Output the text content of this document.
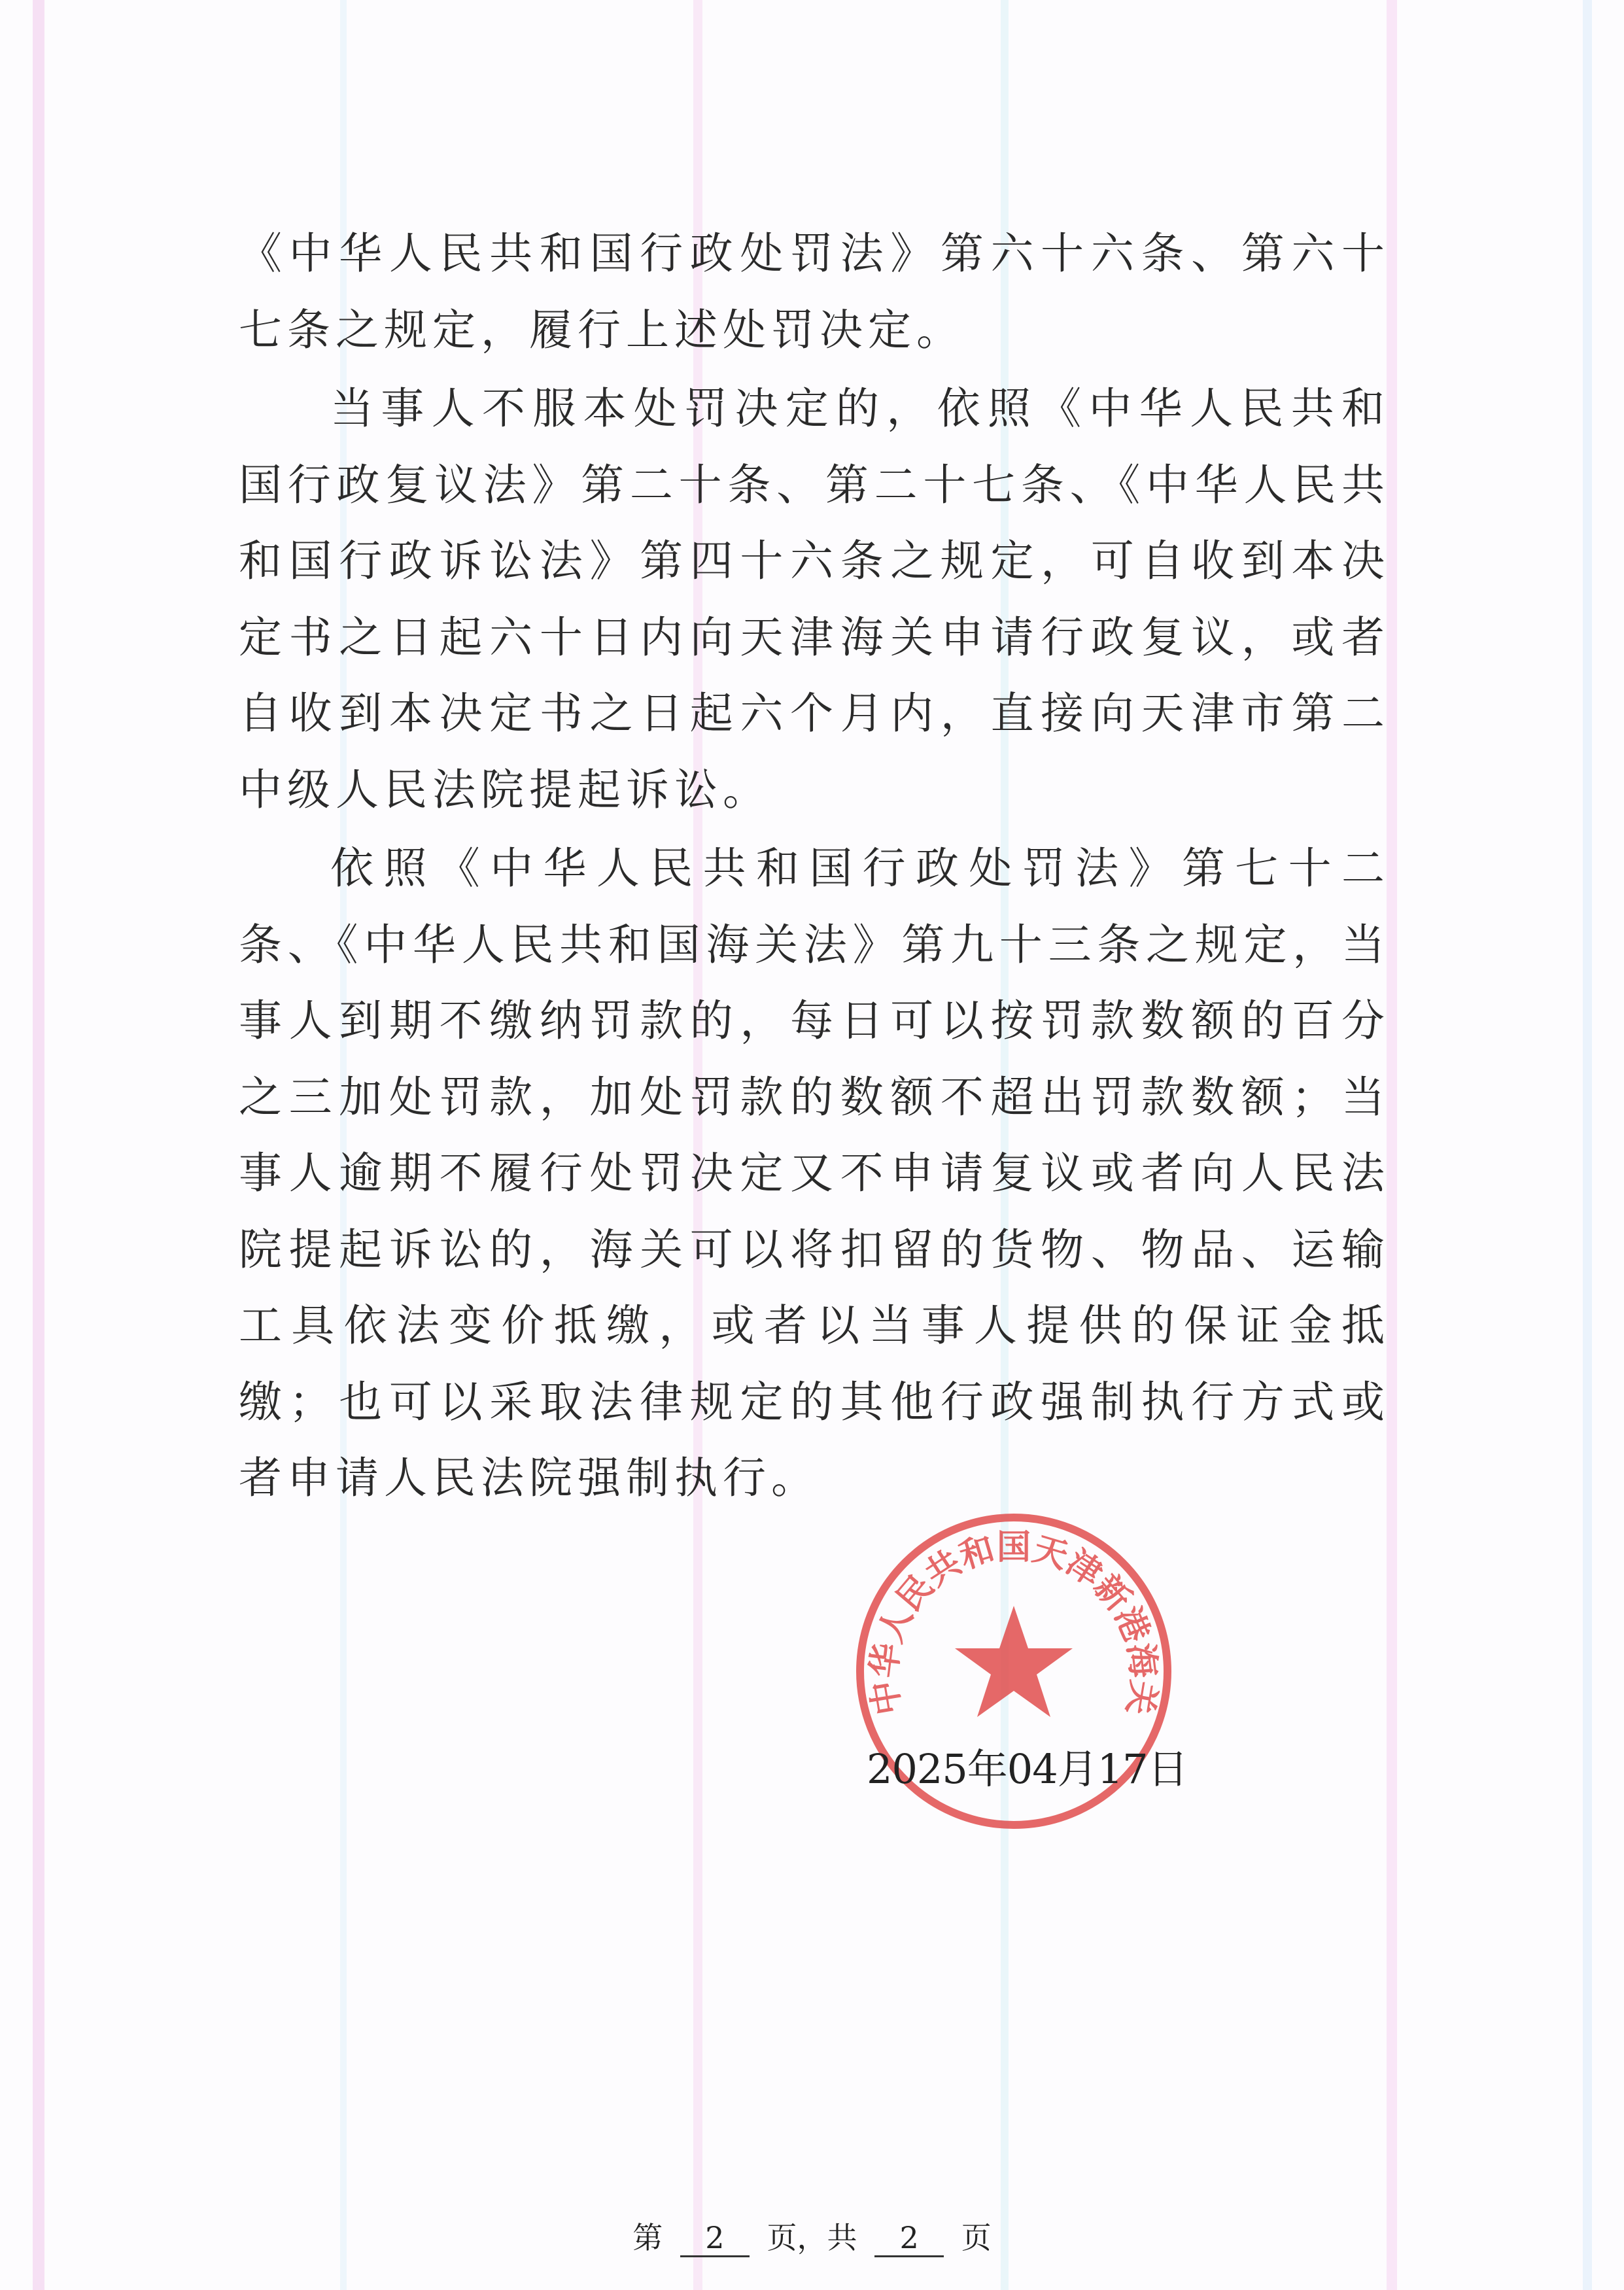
《中华人民共和国行政处罚法》第六十六条、第六十七条之规定，履行上述处罚决定。

当事人不服本处罚决定的，依照《中华人民共和国行政复议法》第二十条、第二十七条、《中华人民共和国行政诉讼法》第四十六条之规定，可自收到本决定书之日起六十日内向天津海关申请行政复议，或者自收到本决定书之日起六个月内，直接向天津市第二中级人民法院提起诉讼。

依照《中华人民共和国行政处罚法》第七十二条、《中华人民共和国海关法》第九十三条之规定，当事人到期不缴纳罚款的，每日可以按罚款数额的百分之三加处罚款，加处罚款的数额不超出罚款数额；当事人逾期不履行处罚决定又不申请复议或者向人民法院提起诉讼的，海关可以将扣留的货物、物品、运输工具依法变价抵缴，或者以当事人提供的保证金抵缴；也可以采取法律规定的其他行政强制执行方式或者申请人民法院强制执行。

中华人民共和国天津新港海关
2025年04月17日
第 2 页，共 2 页
